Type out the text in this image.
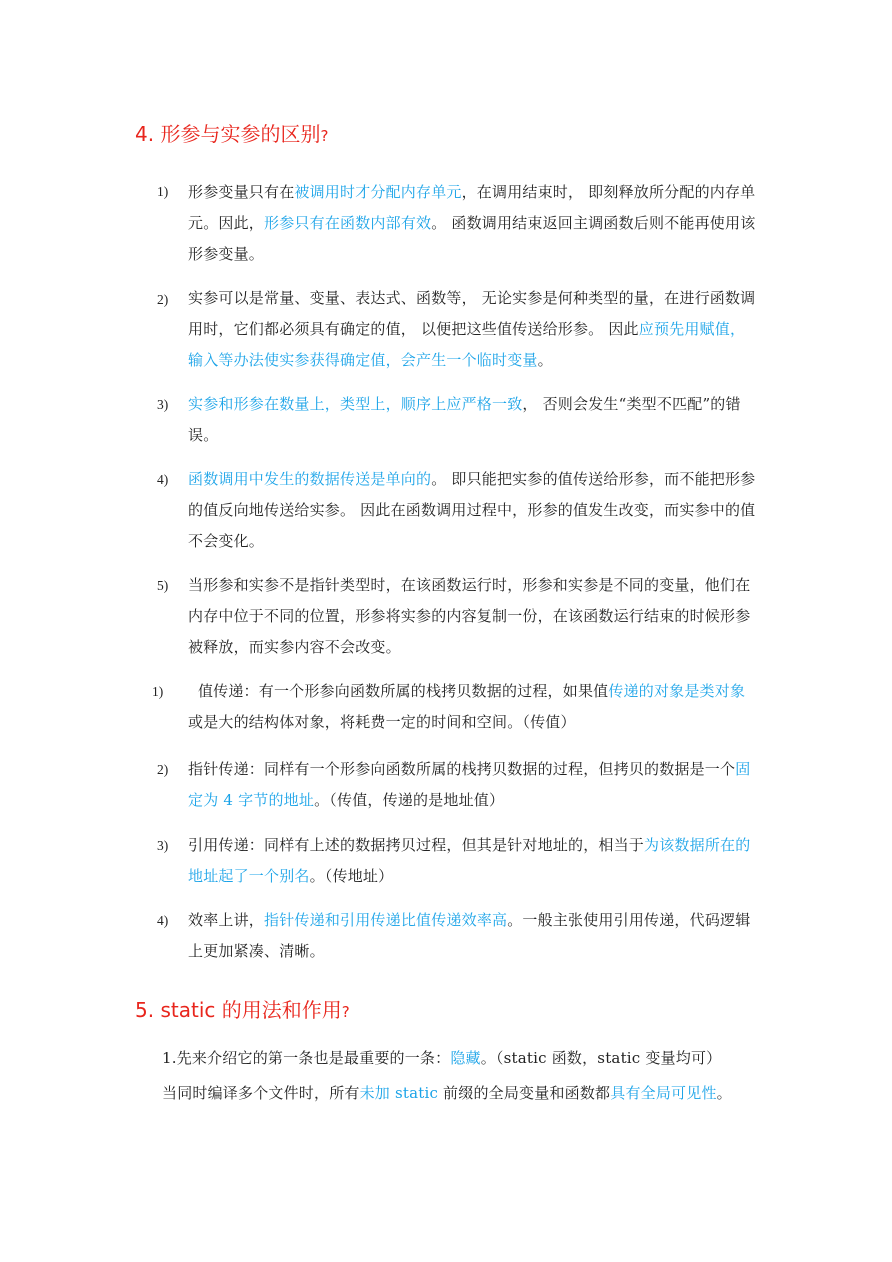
4. 形参与实参的区别?
1) 形参变量只有在被调用时才分配内存单元，在调用结束时， 即刻释放所分配的内存单元。因此，形参只有在函数内部有效。 函数调用结束返回主调函数后则不能再使用该形参变量。
2) 实参可以是常量、变量、表达式、函数等， 无论实参是何种类型的量，在进行函数调用时，它们都必须具有确定的值， 以便把这些值传送给形参。 因此应预先用赋值，输入等办法使实参获得确定值，会产生一个临时变量。
3) 实参和形参在数量上，类型上，顺序上应严格一致， 否则会发生“类型不匹配”的错误。
4) 函数调用中发生的数据传送是单向的。 即只能把实参的值传送给形参，而不能把形参的值反向地传送给实参。 因此在函数调用过程中，形参的值发生改变，而实参中的值不会变化。
5) 当形参和实参不是指针类型时，在该函数运行时，形参和实参是不同的变量，他们在内存中位于不同的位置，形参将实参的内容复制一份，在该函数运行结束的时候形参被释放，而实参内容不会改变。
1) 值传递：有一个形参向函数所属的栈拷贝数据的过程，如果值传递的对象是类对象或是大的结构体对象，将耗费一定的时间和空间。（传值）
2) 指针传递：同样有一个形参向函数所属的栈拷贝数据的过程，但拷贝的数据是一个固定为 4 字节的地址。（传值，传递的是地址值）
3) 引用传递：同样有上述的数据拷贝过程，但其是针对地址的，相当于为该数据所在的地址起了一个别名。（传地址）
4) 效率上讲，指针传递和引用传递比值传递效率高。一般主张使用引用传递，代码逻辑上更加紧凑、清晰。
5. static 的用法和作用?
1.先来介绍它的第一条也是最重要的一条：隐藏。（static 函数，static 变量均可）
当同时编译多个文件时，所有未加 static 前缀的全局变量和函数都具有全局可见性。
